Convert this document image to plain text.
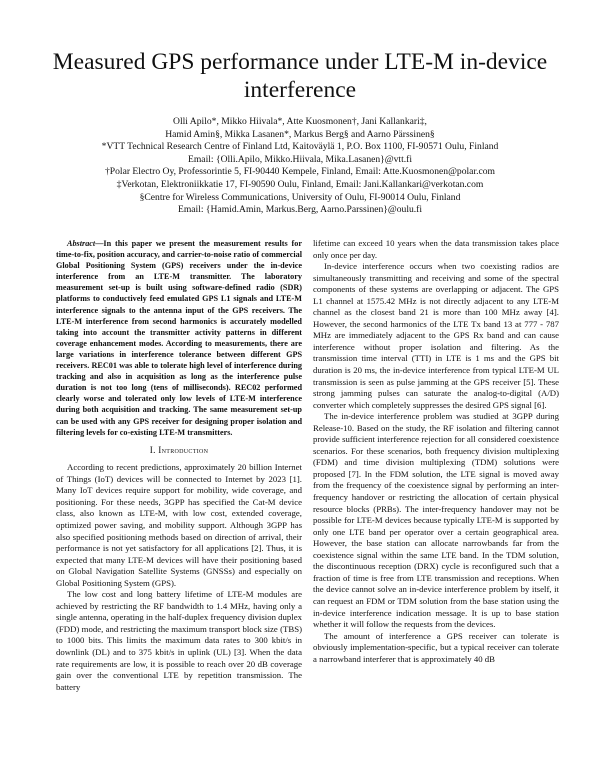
Measured GPS performance under LTE-M in-device interference
Olli Apilo*, Mikko Hiivala*, Atte Kuosmonen†, Jani Kallankari‡,
Hamid Amin§, Mikka Lasanen*, Markus Berg§ and Aarno Pärssinen§
*VTT Technical Research Centre of Finland Ltd, Kaitoväylä 1, P.O. Box 1100, FI-90571 Oulu, Finland
Email: {Olli.Apilo, Mikko.Hiivala, Mika.Lasanen}@vtt.fi
†Polar Electro Oy, Professorintie 5, FI-90440 Kempele, Finland, Email: Atte.Kuosmonen@polar.com
‡Verkotan, Elektroniikkatie 17, FI-90590 Oulu, Finland, Email: Jani.Kallankari@verkotan.com
§Centre for Wireless Communications, University of Oulu, FI-90014 Oulu, Finland
Email: {Hamid.Amin, Markus.Berg, Aarno.Parssinen}@oulu.fi

Abstract—In this paper we present the measurement results for time-to-fix, position accuracy, and carrier-to-noise ratio of commercial Global Positioning System (GPS) receivers under the in-device interference from an LTE-M transmitter. The laboratory measurement set-up is built using software-defined radio (SDR) platforms to conductively feed emulated GPS L1 signals and LTE-M interference signals to the antenna input of the GPS receivers. The LTE-M interference from second harmonics is accurately modelled taking into account the transmitter activity patterns in different coverage enhancement modes. According to measurements, there are large variations in interference tolerance between different GPS receivers. REC01 was able to tolerate high level of interference during tracking and also in acquisition as long as the interference pulse duration is not too long (tens of milliseconds). REC02 performed clearly worse and tolerated only low levels of LTE-M interference during both acquisition and tracking. The same measurement set-up can be used with any GPS receiver for designing proper isolation and filtering levels for co-existing LTE-M transmitters.

I. Introduction

According to recent predictions, approximately 20 billion Internet of Things (IoT) devices will be connected to Internet by 2023 [1]. Many IoT devices require support for mobility, wide coverage, and positioning. For these needs, 3GPP has specified the Cat-M device class, also known as LTE-M, with low cost, extended coverage, optimized power saving, and mobility support. Although 3GPP has also specified positioning methods based on direction of arrival, their performance is not yet satisfactory for all applications [2]. Thus, it is expected that many LTE-M devices will have their positioning based on Global Navigation Satellite Systems (GNSSs) and especially on Global Positioning System (GPS).

The low cost and long battery lifetime of LTE-M modules are achieved by restricting the RF bandwidth to 1.4 MHz, having only a single antenna, operating in the half-duplex frequency division duplex (FDD) mode, and restricting the maximum transport block size (TBS) to 1000 bits. This limits the maximum data rates to 300 kbit/s in downlink (DL) and to 375 kbit/s in uplink (UL) [3]. When the data rate requirements are low, it is possible to reach over 20 dB coverage gain over the conventional LTE by repetition transmission. The battery

lifetime can exceed 10 years when the data transmission takes place only once per day.

In-device interference occurs when two coexisting radios are simultaneously transmitting and receiving and some of the spectral components of these systems are overlapping or adjacent. The GPS L1 channel at 1575.42 MHz is not directly adjacent to any LTE-M channel as the closest band 21 is more than 100 MHz away [4]. However, the second harmonics of the LTE Tx band 13 at 777 - 787 MHz are immediately adjacent to the GPS Rx band and can cause interference without proper isolation and filtering. As the transmission time interval (TTI) in LTE is 1 ms and the GPS bit duration is 20 ms, the in-device interference from typical LTE-M UL transmission is seen as pulse jamming at the GPS receiver [5]. These strong jamming pulses can saturate the analog-to-digital (A/D) converter which completely suppresses the desired GPS signal [6].

The in-device interference problem was studied at 3GPP during Release-10. Based on the study, the RF isolation and filtering cannot provide sufficient interference rejection for all considered coexistence scenarios. For these scenarios, both frequency division multiplexing (FDM) and time division multiplexing (TDM) solutions were proposed [7]. In the FDM solution, the LTE signal is moved away from the frequency of the coexistence signal by performing an inter-frequency handover or restricting the allocation of certain physical resource blocks (PRBs). The inter-frequency handover may not be possible for LTE-M devices because typically LTE-M is supported by only one LTE band per operator over a certain geographical area. However, the base station can allocate narrowbands far from the coexistence signal within the same LTE band. In the TDM solution, the discontinuous reception (DRX) cycle is reconfigured such that a fraction of time is free from LTE transmission and receptions. When the device cannot solve an in-device interference problem by itself, it can request an FDM or TDM solution from the base station using the in-device interference indication message. It is up to base station whether it will follow the requests from the devices.

The amount of interference a GPS receiver can tolerate is obviously implementation-specific, but a typical receiver can tolerate a narrowband interferer that is approximately 40 dB
